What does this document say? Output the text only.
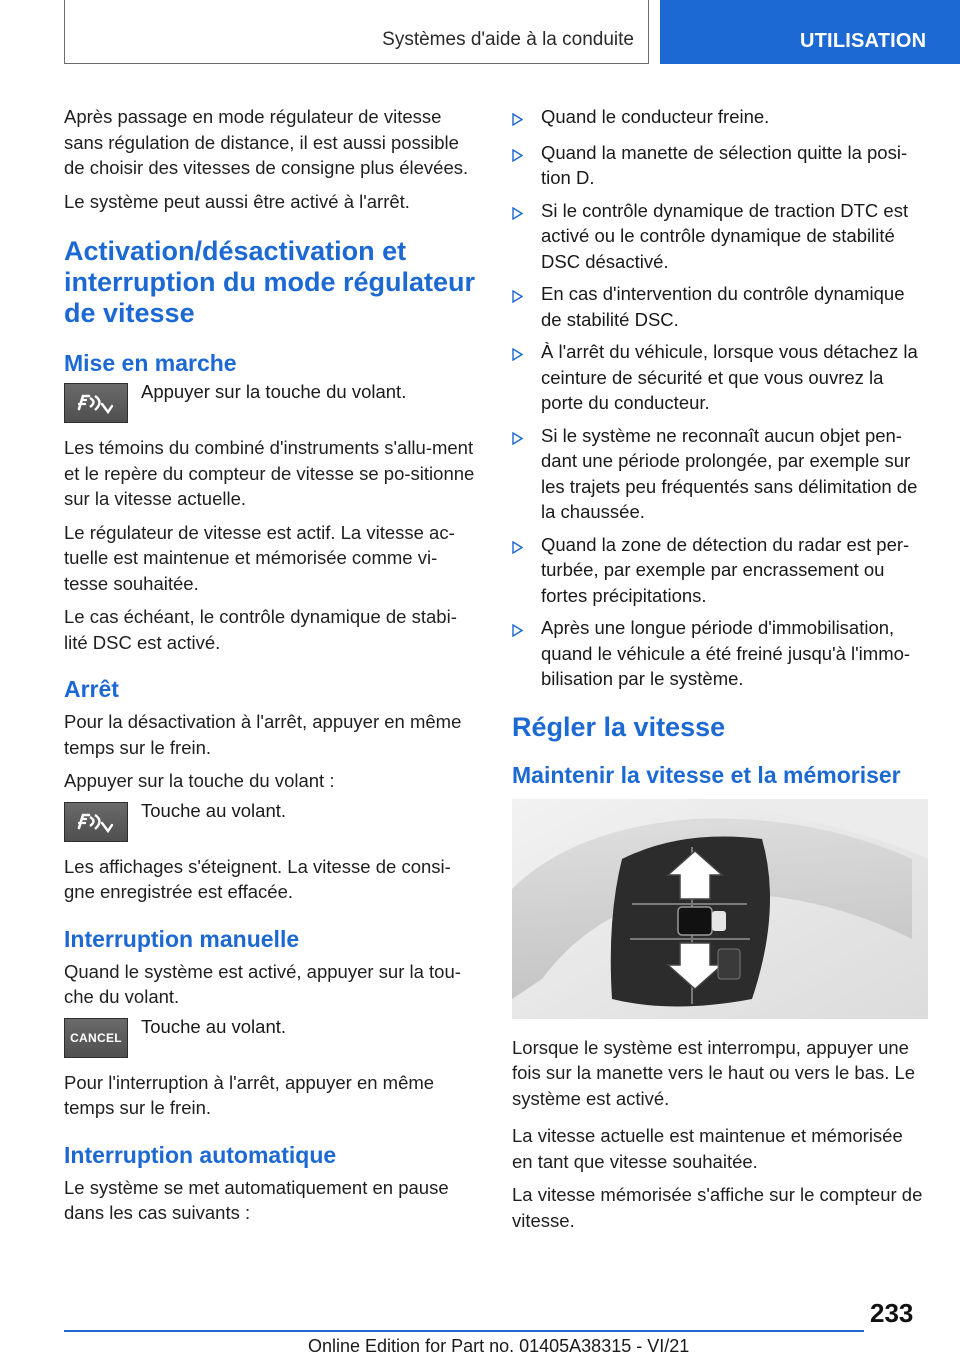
Systèmes d'aide à la conduite	UTILISATION

Après passage en mode régulateur de vitesse sans régulation de distance, il est aussi possible de choisir des vitesses de consigne plus élevées.

Le système peut aussi être activé à l'arrêt.

Activation/désactivation et interruption du mode régulateur de vitesse
Mise en marche
Appuyer sur la touche du volant.

Les témoins du combiné d'instruments s'allu‐ment et le repère du compteur de vitesse se po‐sitionne sur la vitesse actuelle.

Le régulateur de vitesse est actif. La vitesse ac‐tuelle est maintenue et mémorisée comme vi‐tesse souhaitée.

Le cas échéant, le contrôle dynamique de stabi‐lité DSC est activé.

Arrêt

Pour la désactivation à l'arrêt, appuyer en même temps sur le frein.

Appuyer sur la touche du volant :

Touche au volant.

Les affichages s'éteignent. La vitesse de consi‐gne enregistrée est effacée.

Interruption manuelle

Quand le système est activé, appuyer sur la tou‐che du volant.

CANCEL
Touche au volant.

Pour l'interruption à l'arrêt, appuyer en même temps sur le frein.

Interruption automatique

Le système se met automatiquement en pause dans les cas suivants :

Quand le conducteur freine.
Quand la manette de sélection quitte la posi‐tion D.
Si le contrôle dynamique de traction DTC est activé ou le contrôle dynamique de stabilité DSC désactivé.
En cas d'intervention du contrôle dynamique de stabilité DSC.
À l'arrêt du véhicule, lorsque vous détachez la ceinture de sécurité et que vous ouvrez la porte du conducteur.
Si le système ne reconnaît aucun objet pen‐dant une période prolongée, par exemple sur les trajets peu fréquentés sans délimitation de la chaussée.
Quand la zone de détection du radar est per‐turbée, par exemple par encrassement ou fortes précipitations.
Après une longue période d'immobilisation, quand le véhicule a été freiné jusqu'à l'immo‐bilisation par le système.
Régler la vitesse
Maintenir la vitesse et la mémoriser

Lorsque le système est interrompu, appuyer une fois sur la manette vers le haut ou vers le bas. Le système est activé.

La vitesse actuelle est maintenue et mémorisée en tant que vitesse souhaitée.

La vitesse mémorisée s'affiche sur le compteur de vitesse.

233
Online Edition for Part no. 01405A38315 - VI/21
